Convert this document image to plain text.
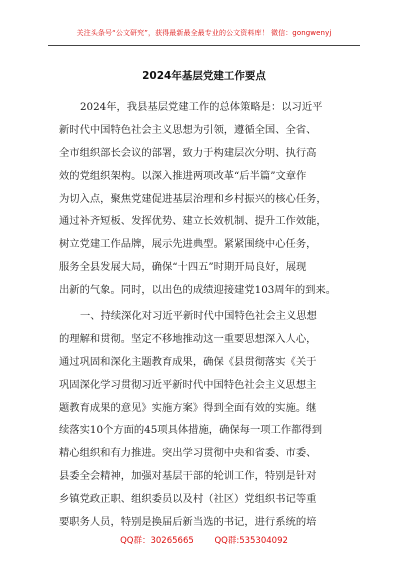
关注头条号“公文研究”，获得最新最全最专业的公文资料库！ 微信：gongwenyj
2024年基层党建工作要点
2024年，我县基层党建工作的总体策略是：以习近平
新时代中国特色社会主义思想为引领，遵循全国、全省、
全市组织部长会议的部署，致力于构建层次分明、执行高
效的党组织架构。以深入推进两项改革“后半篇”文章作
为切入点，聚焦党建促进基层治理和乡村振兴的核心任务，
通过补齐短板、发挥优势、建立长效机制、提升工作效能，
树立党建工作品牌，展示先进典型。紧紧围绕中心任务，
服务全县发展大局，确保“十四五”时期开局良好，展现
出新的气象。同时，以出色的成绩迎接建党103周年的到来。
一、持续深化对习近平新时代中国特色社会主义思想
的理解和贯彻。坚定不移地推动这一重要思想深入人心，
通过巩固和深化主题教育成果，确保《县贯彻落实《关于
巩固深化学习贯彻习近平新时代中国特色社会主义思想主
题教育成果的意见》实施方案》得到全面有效的实施。继
续落实10个方面的45项具体措施，确保每一项工作都得到
精心组织和有力推进。突出学习贯彻中央和省委、市委、
县委全会精神，加强对基层干部的轮训工作，特别是针对
乡镇党政正职、组织委员以及村（社区）党组织书记等重
要职务人员，特别是换届后新当选的书记，进行系统的培
QQ群：30265665 QQ群:535304092
